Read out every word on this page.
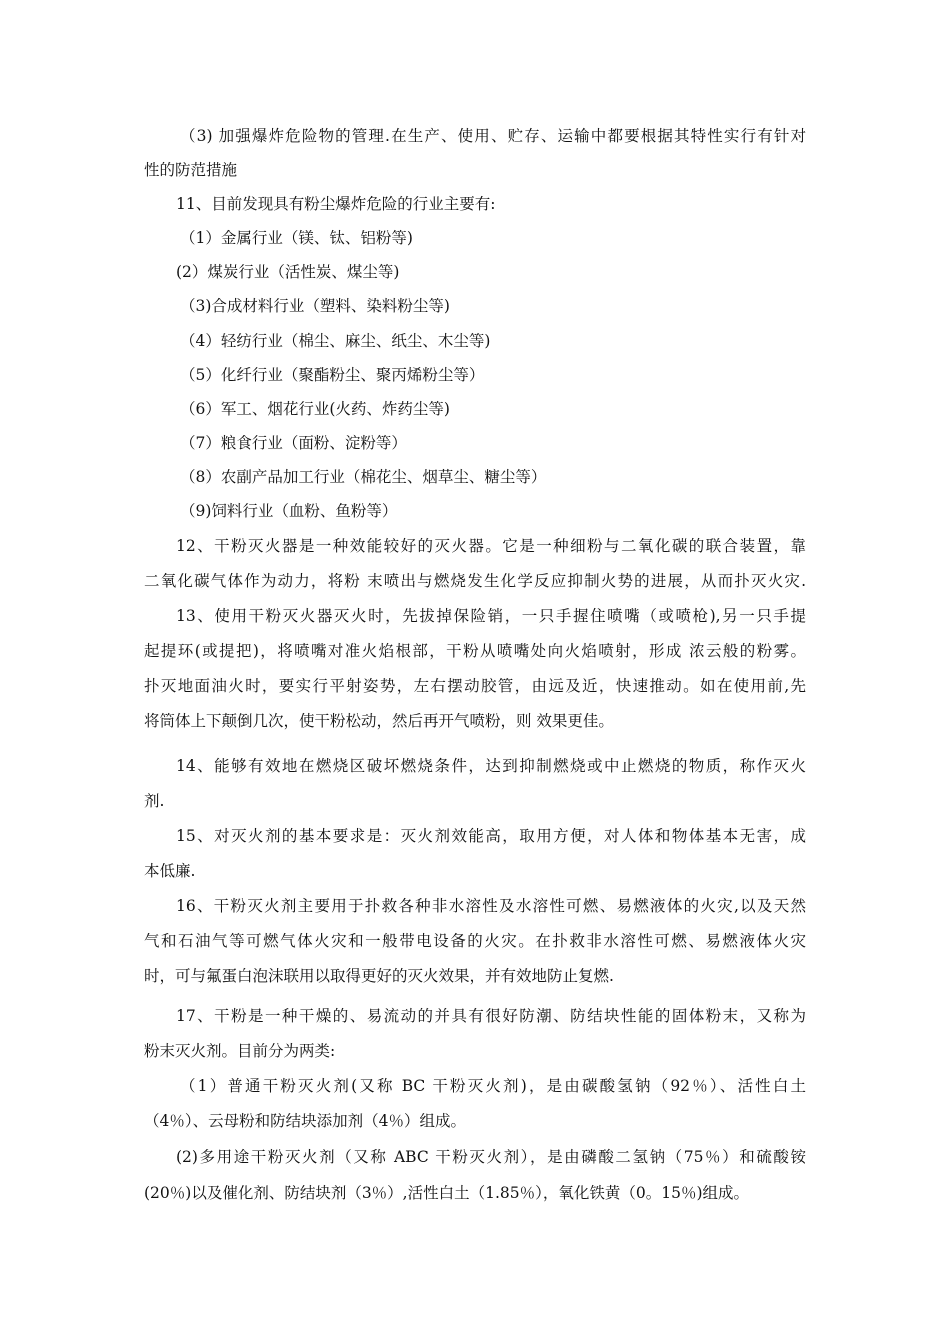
（3) 加强爆炸危险物的管理.在生产、使用、贮存、运输中都要根据其特性实行有针对
性的防范措施
11、目前发现具有粉尘爆炸危险的行业主要有:
（1）金属行业（镁、钛、铝粉等)
(2）煤炭行业（活性炭、煤尘等)
（3)合成材料行业（塑料、染料粉尘等)
（4）轻纺行业（棉尘、麻尘、纸尘、木尘等)
（5）化纤行业（聚酯粉尘、聚丙烯粉尘等）
（6）军工、烟花行业(火药、炸药尘等)
（7）粮食行业（面粉、淀粉等）
（8）农副产品加工行业（棉花尘、烟草尘、糖尘等）
（9)饲料行业（血粉、鱼粉等）
12、干粉灭火器是一种效能较好的灭火器。它是一种细粉与二氧化碳的联合装置，靠
二氧化碳气体作为动力，将粉 末喷出与燃烧发生化学反应抑制火势的进展，从而扑灭火灾.
13、使用干粉灭火器灭火时，先拔掉保险销，一只手握住喷嘴（或喷枪),另一只手提
起提环(或提把)，将喷嘴对准火焰根部，干粉从喷嘴处向火焰喷射，形成 浓云般的粉雾。
扑灭地面油火时，要实行平射姿势，左右摆动胶管，由远及近，快速推动。如在使用前,先
将筒体上下颠倒几次，使干粉松动，然后再开气喷粉，则 效果更佳。
14、能够有效地在燃烧区破坏燃烧条件，达到抑制燃烧或中止燃烧的物质，称作灭火
剂.
15、对灭火剂的基本要求是：灭火剂效能高，取用方便，对人体和物体基本无害，成
本低廉.
16、干粉灭火剂主要用于扑救各种非水溶性及水溶性可燃、易燃液体的火灾,以及天然
气和石油气等可燃气体火灾和一般带电设备的火灾。在扑救非水溶性可燃、易燃液体火灾
时，可与氟蛋白泡沫联用以取得更好的灭火效果，并有效地防止复燃.
17、干粉是一种干燥的、易流动的并具有很好防潮、防结块性能的固体粉末，又称为
粉末灭火剂。目前分为两类:
（1）普通干粉灭火剂(又称 BC 干粉灭火剂)，是由碳酸氢钠（92％）、活性白土
（4％）、云母粉和防结块添加剂（4％）组成。
(2)多用途干粉灭火剂（又称 ABC 干粉灭火剂），是由磷酸二氢钠（75％）和硫酸铵
(20％)以及催化剂、防结块剂（3％）,活性白土（1.85％），氧化铁黄（0。15％)组成。
